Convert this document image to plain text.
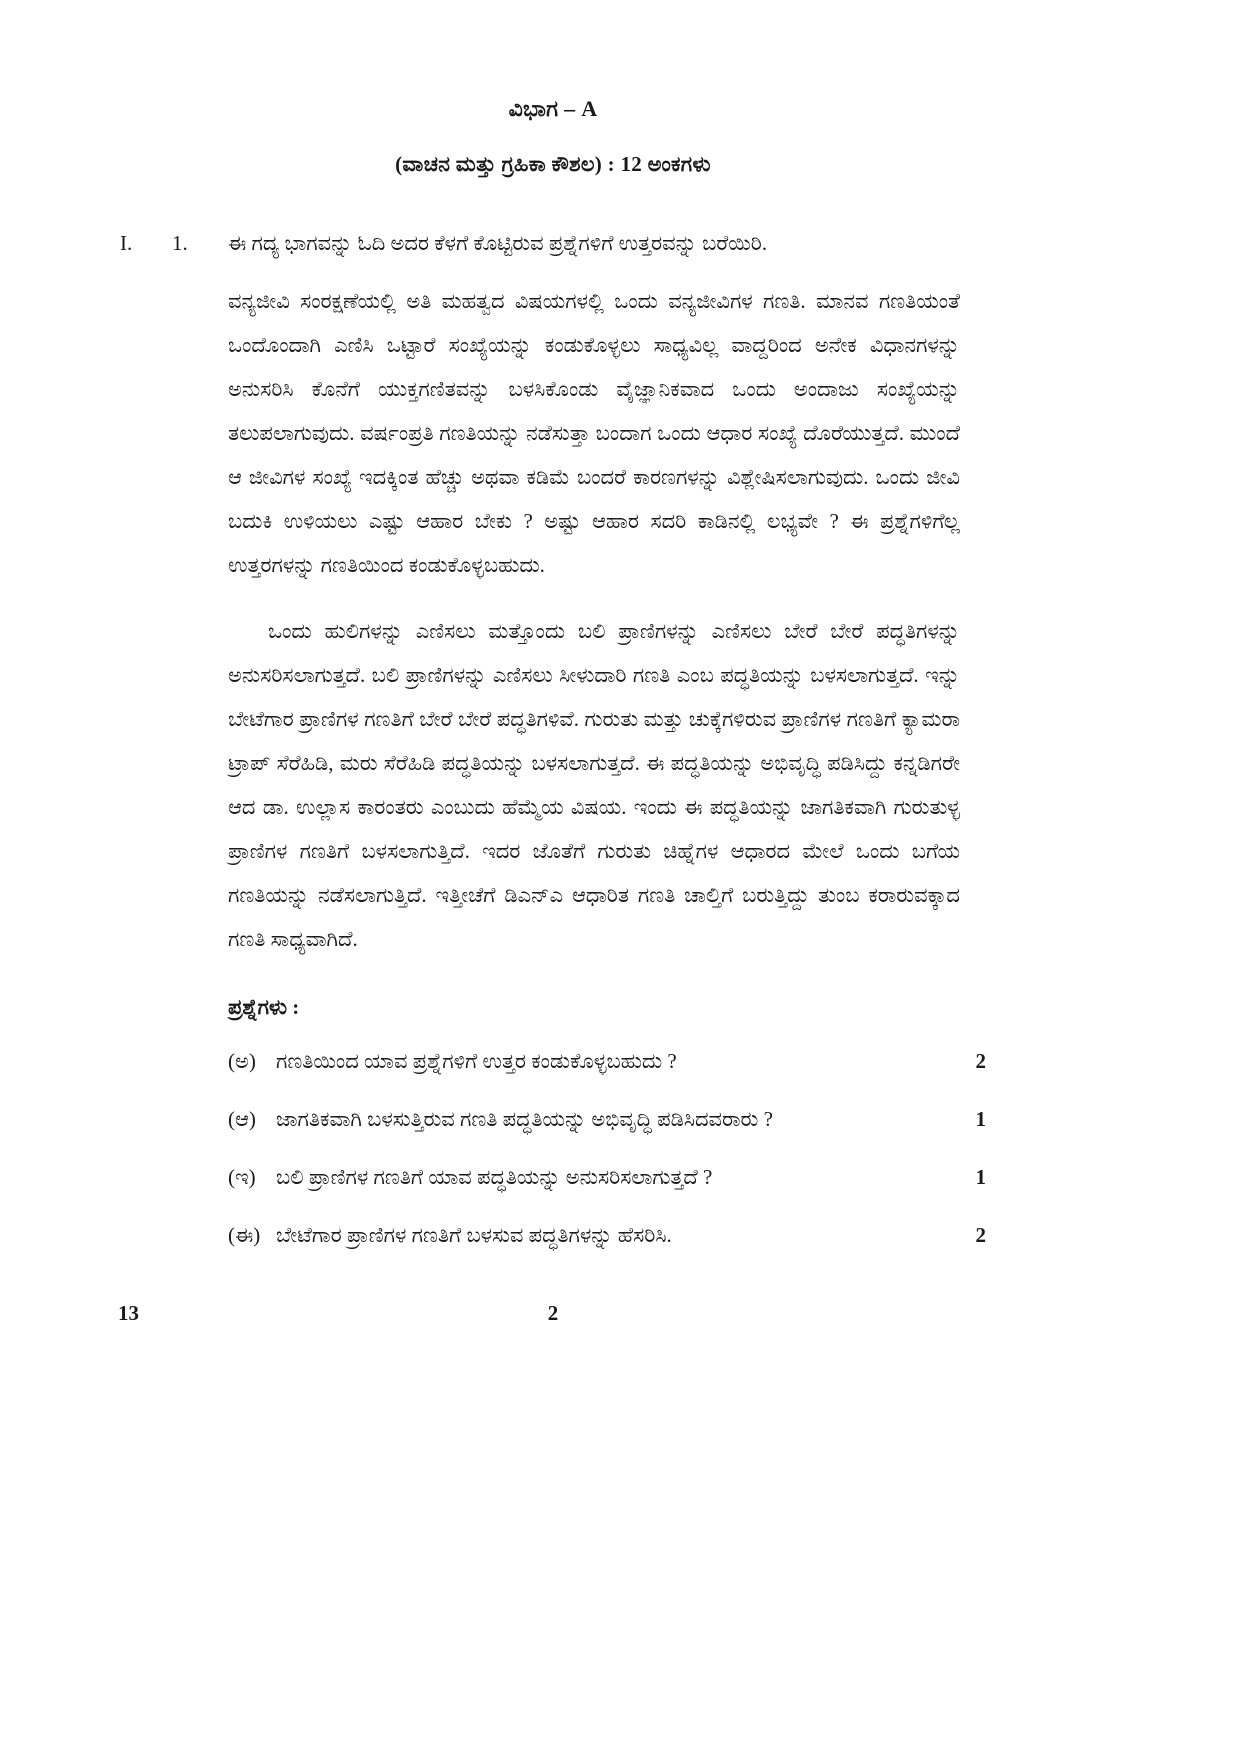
ವಿಭಾಗ – A
(ವಾಚನ ಮತ್ತು ಗ್ರಹಿಕಾ ಕೌಶಲ) : 12 ಅಂಕಗಳು
I.	1.	ಈ ಗದ್ಯ ಭಾಗವನ್ನು ಓದಿ ಅದರ ಕೆಳಗೆ ಕೊಟ್ಟಿರುವ ಪ್ರಶ್ನೆಗಳಿಗೆ ಉತ್ತರವನ್ನು ಬರೆಯಿರಿ.

ವನ್ಯಜೀವಿ ಸಂರಕ್ಷಣೆಯಲ್ಲಿ ಅತಿ ಮಹತ್ವದ ವಿಷಯಗಳಲ್ಲಿ ಒಂದು ವನ್ಯಜೀವಿಗಳ ಗಣತಿ. ಮಾನವ ಗಣತಿಯಂತೆ ಒಂದೊಂದಾಗಿ ಎಣಿಸಿ ಒಟ್ಟಾರೆ ಸಂಖ್ಯೆಯನ್ನು ಕಂಡುಕೊಳ್ಳಲು ಸಾಧ್ಯವಿಲ್ಲ ವಾದ್ದರಿಂದ ಅನೇಕ ವಿಧಾನಗಳನ್ನು ಅನುಸರಿಸಿ ಕೊನೆಗೆ ಯುಕ್ತಗಣಿತವನ್ನು ಬಳಸಿಕೊಂಡು ವೈಜ್ಞಾನಿಕವಾದ ಒಂದು ಅಂದಾಜು ಸಂಖ್ಯೆಯನ್ನು ತಲುಪಲಾಗುವುದು. ವರ್ಷಂಪ್ರತಿ ಗಣತಿಯನ್ನು ನಡೆಸುತ್ತಾ ಬಂದಾಗ ಒಂದು ಆಧಾರ ಸಂಖ್ಯೆ ದೊರೆಯುತ್ತದೆ. ಮುಂದೆ ಆ ಜೀವಿಗಳ ಸಂಖ್ಯೆ ಇದಕ್ಕಿಂತ ಹೆಚ್ಚು ಅಥವಾ ಕಡಿಮೆ ಬಂದರೆ ಕಾರಣಗಳನ್ನು ವಿಶ್ಲೇಷಿಸಲಾಗುವುದು. ಒಂದು ಜೀವಿ ಬದುಕಿ ಉಳಿಯಲು ಎಷ್ಟು ಆಹಾರ ಬೇಕು ? ಅಷ್ಟು ಆಹಾರ ಸದರಿ ಕಾಡಿನಲ್ಲಿ ಲಭ್ಯವೇ ? ಈ ಪ್ರಶ್ನೆಗಳಿಗೆಲ್ಲ ಉತ್ತರಗಳನ್ನು ಗಣತಿಯಿಂದ ಕಂಡುಕೊಳ್ಳಬಹುದು.

ಒಂದು ಹುಲಿಗಳನ್ನು ಎಣಿಸಲು ಮತ್ತೊಂದು ಬಲಿ ಪ್ರಾಣಿಗಳನ್ನು ಎಣಿಸಲು ಬೇರೆ ಬೇರೆ ಪದ್ಧತಿಗಳನ್ನು ಅನುಸರಿಸಲಾಗುತ್ತದೆ. ಬಲಿ ಪ್ರಾಣಿಗಳನ್ನು ಎಣಿಸಲು ಸೀಳುದಾರಿ ಗಣತಿ ಎಂಬ ಪದ್ಧತಿಯನ್ನು ಬಳಸಲಾಗುತ್ತದೆ. ಇನ್ನು ಬೇಟೆಗಾರ ಪ್ರಾಣಿಗಳ ಗಣತಿಗೆ ಬೇರೆ ಬೇರೆ ಪದ್ಧತಿಗಳಿವೆ. ಗುರುತು ಮತ್ತು ಚುಕ್ಕೆಗಳಿರುವ ಪ್ರಾಣಿಗಳ ಗಣತಿಗೆ ಕ್ಯಾಮರಾ ಟ್ರಾಪ್ ಸೆರೆಹಿಡಿ, ಮರು ಸೆರೆಹಿಡಿ ಪದ್ಧತಿಯನ್ನು ಬಳಸಲಾಗುತ್ತದೆ. ಈ ಪದ್ಧತಿಯನ್ನು ಅಭಿವೃದ್ಧಿ ಪಡಿಸಿದ್ದು ಕನ್ನಡಿಗರೇ ಆದ ಡಾ. ಉಲ್ಲಾಸ ಕಾರಂತರು ಎಂಬುದು ಹೆಮ್ಮೆಯ ವಿಷಯ. ಇಂದು ಈ ಪದ್ಧತಿಯನ್ನು ಜಾಗತಿಕವಾಗಿ ಗುರುತುಳ್ಳ ಪ್ರಾಣಿಗಳ ಗಣತಿಗೆ ಬಳಸಲಾಗುತ್ತಿದೆ. ಇದರ ಜೊತೆಗೆ ಗುರುತು ಚಿಹ್ನೆಗಳ ಆಧಾರದ ಮೇಲೆ ಒಂದು ಬಗೆಯ ಗಣತಿಯನ್ನು ನಡೆಸಲಾಗುತ್ತಿದೆ. ಇತ್ತೀಚೆಗೆ ಡಿಎನ್ಎ ಆಧಾರಿತ ಗಣತಿ ಚಾಲ್ತಿಗೆ ಬರುತ್ತಿದ್ದು ತುಂಬ ಕರಾರುವಕ್ಕಾದ ಗಣತಿ ಸಾಧ್ಯವಾಗಿದೆ.

ಪ್ರಶ್ನೆಗಳು :
(ಅ) ಗಣತಿಯಿಂದ ಯಾವ ಪ್ರಶ್ನೆಗಳಿಗೆ ಉತ್ತರ ಕಂಡುಕೊಳ್ಳಬಹುದು ?	2
(ಆ) ಜಾಗತಿಕವಾಗಿ ಬಳಸುತ್ತಿರುವ ಗಣತಿ ಪದ್ಧತಿಯನ್ನು ಅಭಿವೃದ್ಧಿ ಪಡಿಸಿದವರಾರು ?	1
(ಇ) ಬಲಿ ಪ್ರಾಣಿಗಳ ಗಣತಿಗೆ ಯಾವ ಪದ್ಧತಿಯನ್ನು ಅನುಸರಿಸಲಾಗುತ್ತದೆ ?	1
(ಈ) ಬೇಟೆಗಾರ ಪ್ರಾಣಿಗಳ ಗಣತಿಗೆ ಬಳಸುವ ಪದ್ಧತಿಗಳನ್ನು ಹೆಸರಿಸಿ.	2
13	2
